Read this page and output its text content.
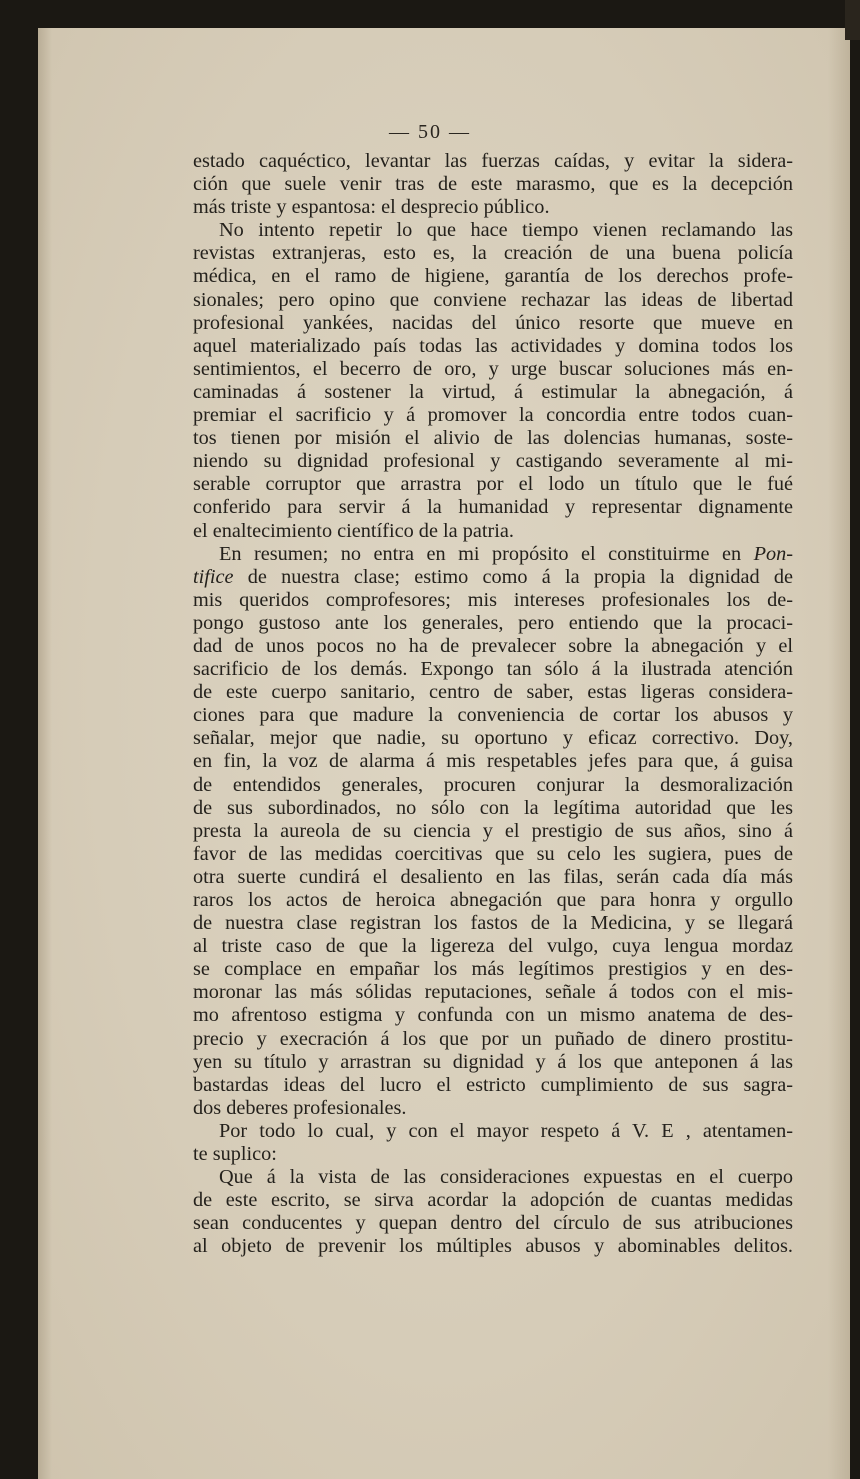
— 50 —
estado caquéctico, levantar las fuerzas caídas, y evitar la sidera-
ción que suele venir tras de este marasmo, que es la decepción
más triste y espantosa: el desprecio público.
No intento repetir lo que hace tiempo vienen reclamando las
revistas extranjeras, esto es, la creación de una buena policía
médica, en el ramo de higiene, garantía de los derechos profe-
sionales; pero opino que conviene rechazar las ideas de libertad
profesional yankées, nacidas del único resorte que mueve en
aquel materializado país todas las actividades y domina todos los
sentimientos, el becerro de oro, y urge buscar soluciones más en-
caminadas á sostener la virtud, á estimular la abnegación, á
premiar el sacrificio y á promover la concordia entre todos cuan-
tos tienen por misión el alivio de las dolencias humanas, soste-
niendo su dignidad profesional y castigando severamente al mi-
serable corruptor que arrastra por el lodo un título que le fué
conferido para servir á la humanidad y representar dignamente
el enaltecimiento científico de la patria.
En resumen; no entra en mi propósito el constituirme en Pon-
tifice de nuestra clase; estimo como á la propia la dignidad de
mis queridos comprofesores; mis intereses profesionales los de-
pongo gustoso ante los generales, pero entiendo que la procaci-
dad de unos pocos no ha de prevalecer sobre la abnegación y el
sacrificio de los demás. Expongo tan sólo á la ilustrada atención
de este cuerpo sanitario, centro de saber, estas ligeras considera-
ciones para que madure la conveniencia de cortar los abusos y
señalar, mejor que nadie, su oportuno y eficaz correctivo. Doy,
en fin, la voz de alarma á mis respetables jefes para que, á guisa
de entendidos generales, procuren conjurar la desmoralización
de sus subordinados, no sólo con la legítima autoridad que les
presta la aureola de su ciencia y el prestigio de sus años, sino á
favor de las medidas coercitivas que su celo les sugiera, pues de
otra suerte cundirá el desaliento en las filas, serán cada día más
raros los actos de heroica abnegación que para honra y orgullo
de nuestra clase registran los fastos de la Medicina, y se llegará
al triste caso de que la ligereza del vulgo, cuya lengua mordaz
se complace en empañar los más legítimos prestigios y en des-
moronar las más sólidas reputaciones, señale á todos con el mis-
mo afrentoso estigma y confunda con un mismo anatema de des-
precio y execración á los que por un puñado de dinero prostitu-
yen su título y arrastran su dignidad y á los que anteponen á las
bastardas ideas del lucro el estricto cumplimiento de sus sagra-
dos deberes profesionales.
Por todo lo cual, y con el mayor respeto á V. E , atentamen-
te suplico:
Que á la vista de las consideraciones expuestas en el cuerpo
de este escrito, se sirva acordar la adopción de cuantas medidas
sean conducentes y quepan dentro del círculo de sus atribuciones
al objeto de prevenir los múltiples abusos y abominables delitos.
